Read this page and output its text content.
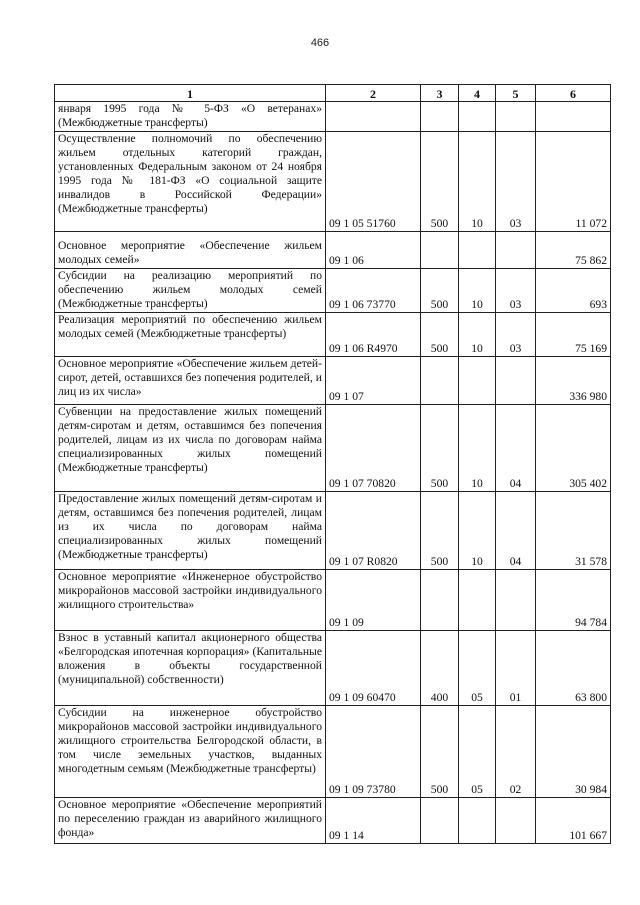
466
1	2	3	4	5	6
января 1995 года № 5-ФЗ «О ветеранах» (Межбюджетные трансферты)					
Осуществление полномочий по обеспечению жильем отдельных категорий граждан, установленных Федеральным законом от 24 ноября 1995 года № 181-ФЗ «О социальной защите инвалидов в Российской Федерации» (Межбюджетные трансферты)	09 1 05 51760	500	10	03	11 072
Основное мероприятие «Обеспечение жильем молодых семей»	09 1 06				75 862
Субсидии на реализацию мероприятий по обеспечению жильем молодых семей (Межбюджетные трансферты)	09 1 06 73770	500	10	03	693
Реализация мероприятий по обеспечению жильем молодых семей (Межбюджетные трансферты)	09 1 06 R4970	500	10	03	75 169
Основное мероприятие «Обеспечение жильем детей-сирот, детей, оставшихся без попечения родителей, и лиц из их числа»	09 1 07				336 980
Субвенции на предоставление жилых помещений детям-сиротам и детям, оставшимся без попечения родителей, лицам из их числа по договорам найма специализированных жилых помещений (Межбюджетные трансферты)	09 1 07 70820	500	10	04	305 402
Предоставление жилых помещений детям-сиротам и детям, оставшимся без попечения родителей, лицам из их числа по договорам найма специализированных жилых помещений (Межбюджетные трансферты)	09 1 07 R0820	500	10	04	31 578
Основное мероприятие «Инженерное обустройство микрорайонов массовой застройки индивидуального жилищного строительства»	09 1 09				94 784
Взнос в уставный капитал акционерного общества «Белгородская ипотечная корпорация» (Капитальные вложения в объекты государственной (муниципальной) собственности)	09 1 09 60470	400	05	01	63 800
Субсидии на инженерное обустройство микрорайонов массовой застройки индивидуального жилищного строительства Белгородской области, в том числе земельных участков, выданных многодетным семьям (Межбюджетные трансферты)	09 1 09 73780	500	05	02	30 984
Основное мероприятие «Обеспечение мероприятий по переселению граждан из аварийного жилищного фонда»	09 1 14				101 667
